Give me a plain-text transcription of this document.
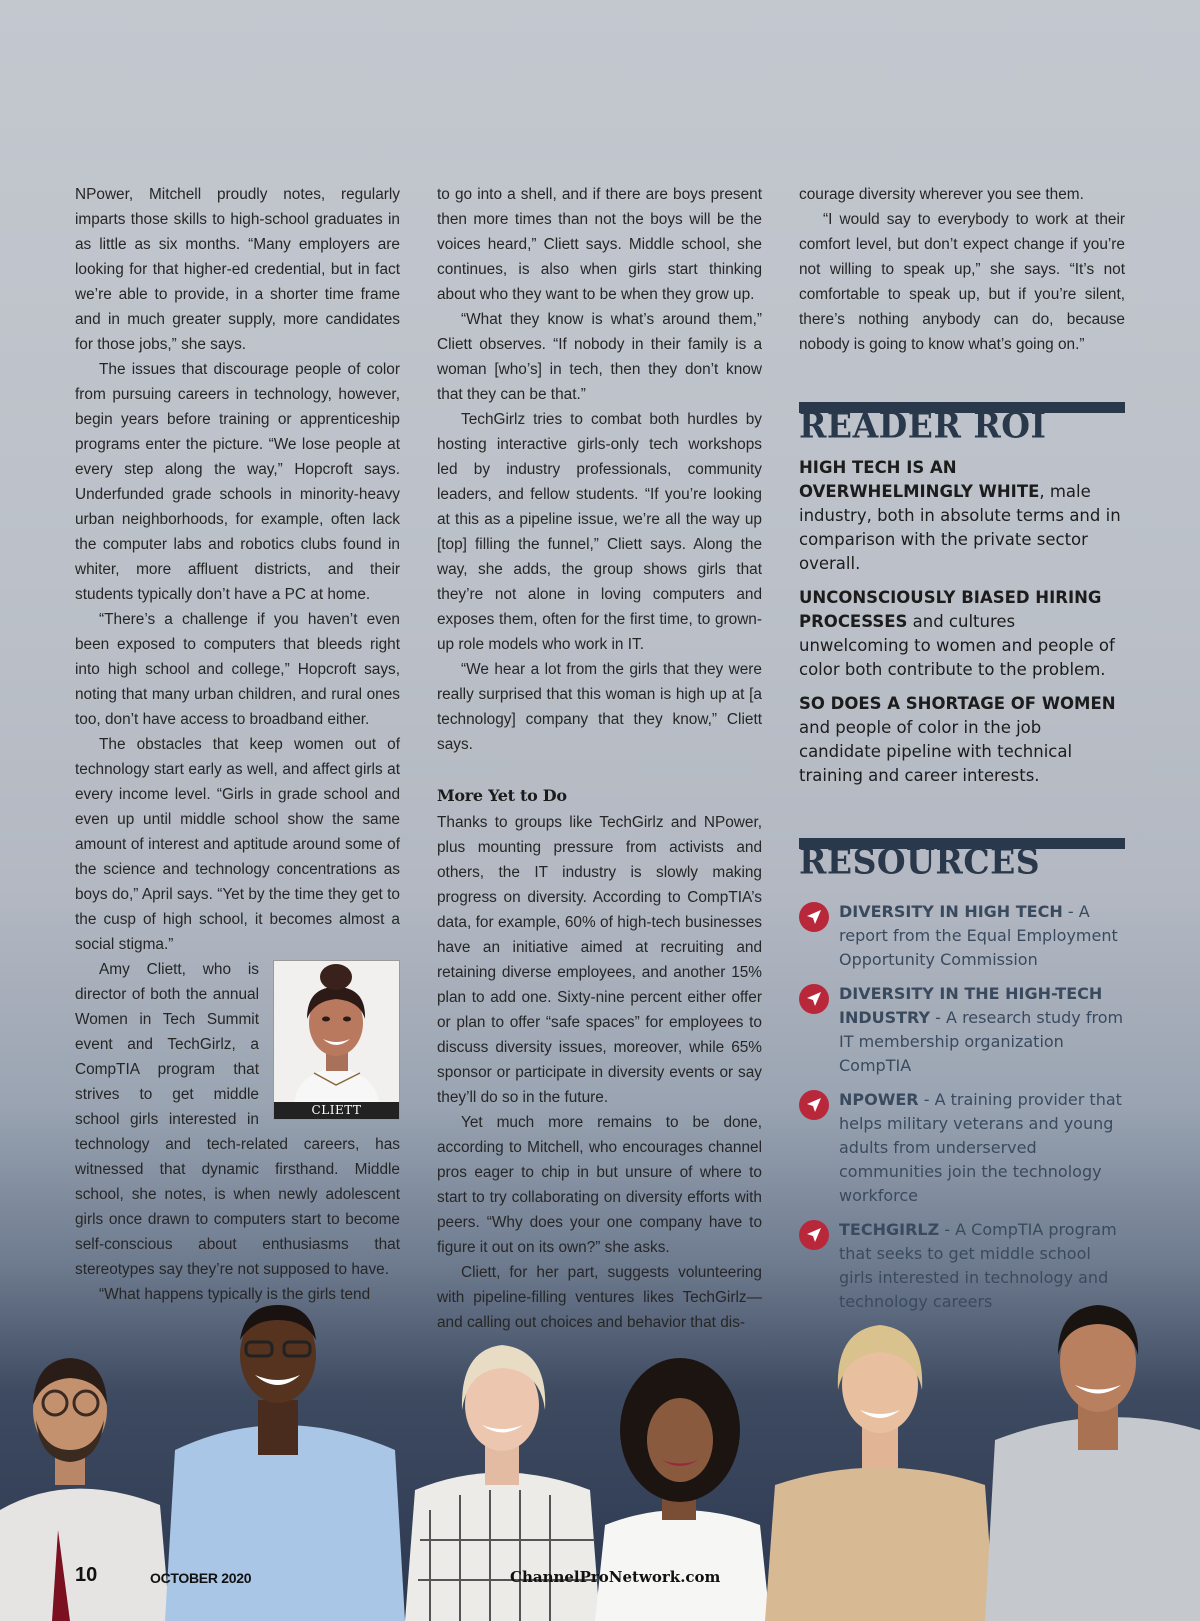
NPower, Mitchell proudly notes, regularly imparts those skills to high-school graduates in as little as six months. “Many employers are looking for that higher-ed credential, but in fact we’re able to provide, in a shorter time frame and in much greater supply, more candidates for those jobs,” she says.

The issues that discourage people of color from pursuing careers in technology, however, begin years before training or apprenticeship programs enter the picture. “We lose people at every step along the way,” Hopcroft says. Underfunded grade schools in minority-heavy urban neighborhoods, for example, often lack the computer labs and robotics clubs found in whiter, more affluent districts, and their students typically don’t have a PC at home.

“There’s a challenge if you haven’t even been exposed to computers that bleeds right into high school and college,” Hopcroft says, noting that many urban children, and rural ones too, don’t have access to broadband either.

The obstacles that keep women out of technology start early as well, and affect girls at every income level. “Girls in grade school and even up until middle school show the same amount of interest and aptitude around some of the science and technology concentrations as boys do,” April says. “Yet by the time they get to the cusp of high school, it becomes almost a social stigma.”

CLIETT

Amy Cliett, who is director of both the annual Women in Tech Summit event and TechGirlz, a CompTIA program that strives to get middle school girls interested in technology and tech-related careers, has witnessed that dynamic firsthand. Middle school, she notes, is when newly adolescent girls once drawn to computers start to become self-conscious about enthusiasms that stereotypes say they’re not supposed to have.

“What happens typically is the girls tend

to go into a shell, and if there are boys present then more times than not the boys will be the voices heard,” Cliett says. Middle school, she continues, is also when girls start thinking about who they want to be when they grow up.

“What they know is what’s around them,” Cliett observes. “If nobody in their family is a woman [who’s] in tech, then they don’t know that they can be that.”

TechGirlz tries to combat both hurdles by hosting interactive girls-only tech workshops led by industry professionals, community leaders, and fellow students. “If you’re looking at this as a pipeline issue, we’re all the way up [top] filling the funnel,” Cliett says. Along the way, she adds, the group shows girls that they’re not alone in loving computers and exposes them, often for the first time, to grown-up role models who work in IT.

“We hear a lot from the girls that they were really surprised that this woman is high up at [a technology] company that they know,” Cliett says.

More Yet to Do

Thanks to groups like TechGirlz and NPower, plus mounting pressure from activists and others, the IT industry is slowly making progress on diversity. According to CompTIA’s data, for example, 60% of high-tech businesses have an initiative aimed at recruiting and retaining diverse employees, and another 15% plan to add one. Sixty-nine percent either offer or plan to offer “safe spaces” for employees to discuss diversity issues, moreover, while 65% sponsor or participate in diversity events or say they’ll do so in the future.

Yet much more remains to be done, according to Mitchell, who encourages channel pros eager to chip in but unsure of where to start to try collaborating on diversity efforts with peers. “Why does your one company have to figure it out on its own?” she asks.

Cliett, for her part, suggests volunteering with pipeline-filling ventures likes TechGirlz—and calling out choices and behavior that dis-

courage diversity wherever you see them.

“I would say to everybody to work at their comfort level, but don’t expect change if you’re not willing to speak up,” she says. “It’s not comfortable to speak up, but if you’re silent, there’s nothing anybody can do, because nobody is going to know what’s going on.”

READER ROI

HIGH TECH IS AN OVERWHELMINGLY WHITE, male industry, both in absolute terms and in comparison with the private sector overall.

UNCONSCIOUSLY BIASED HIRING PROCESSES and cultures unwelcoming to women and people of color both contribute to the problem.

SO DOES A SHORTAGE OF WOMEN and people of color in the job candidate pipeline with technical training and career interests.

RESOURCES
DIVERSITY IN HIGH TECH - A report from the Equal Employment Opportunity Commission
DIVERSITY IN THE HIGH-TECH INDUSTRY - A research study from IT membership organization CompTIA
NPOWER - A training provider that helps military veterans and young adults from underserved communities join the technology workforce
TECHGIRLZ - A CompTIA program that seeks to get middle school girls interested in technology and technology careers
10	OCTOBER 2020	ChannelProNetwork.com
